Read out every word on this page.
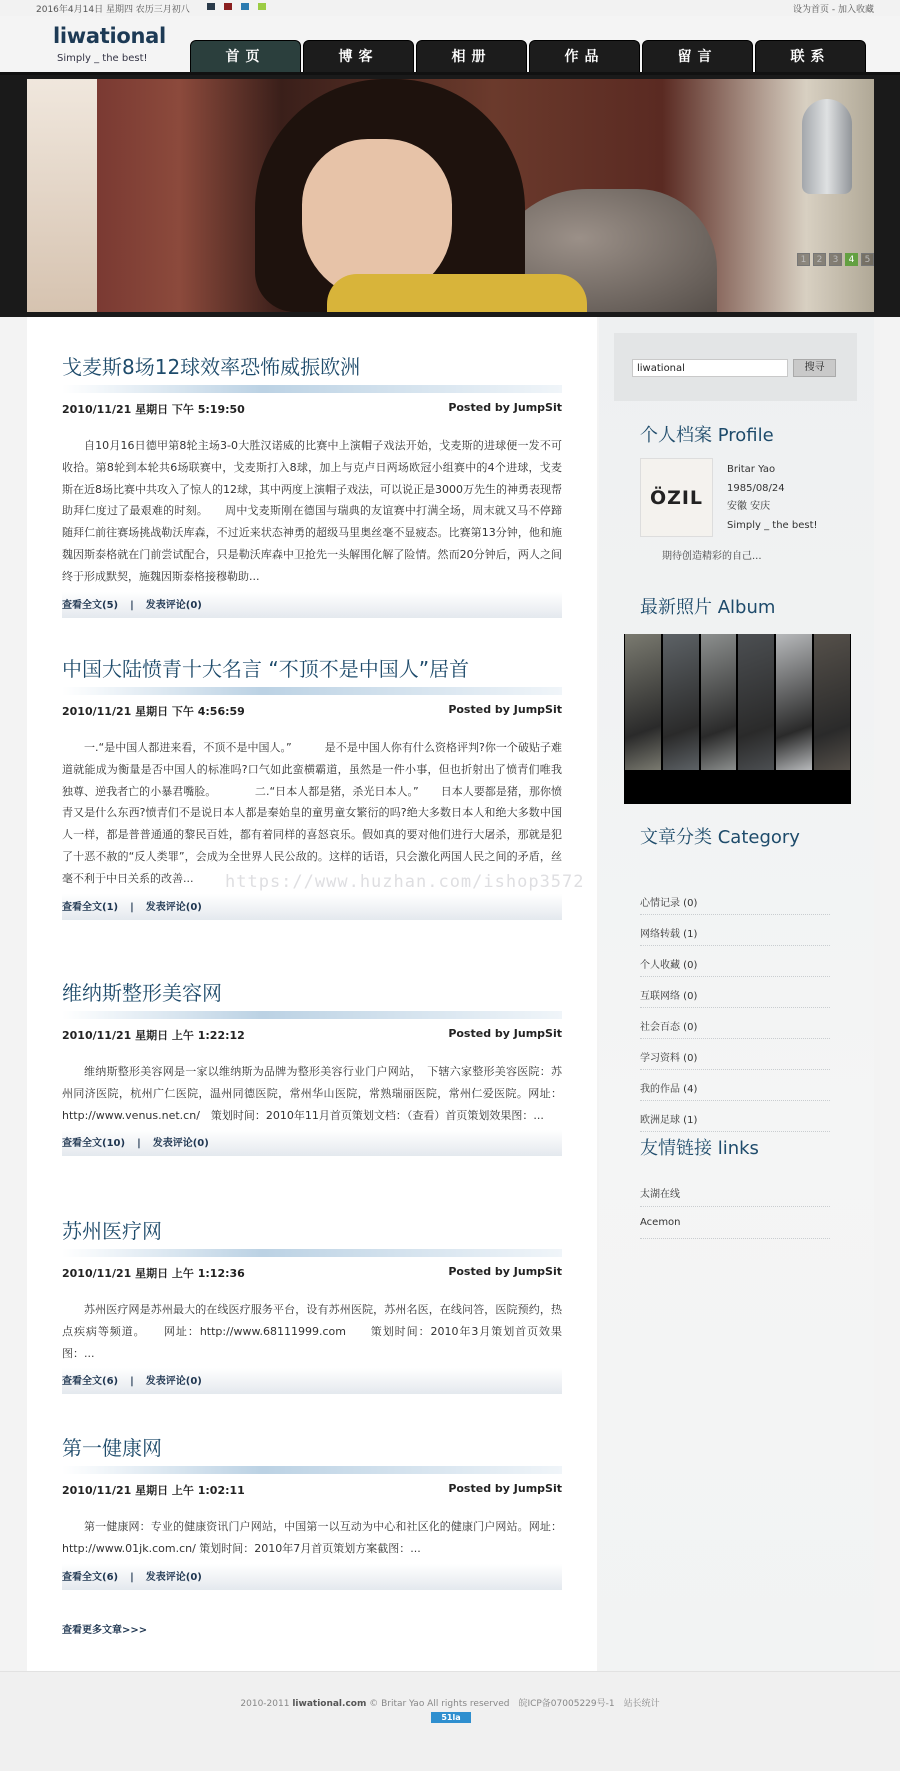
2016年4月14日 星期四 农历三月初八	设为首页 - 加入收藏
liwational
Simply _ the best!	首页	博客	相册	作品	留言	联系
1	2	3	4	5
戈麦斯8场12球效率恐怖威振欧洲
2010/11/21 星期日 下午 5:19:50	Posted by JumpSit
自10月16日德甲第8轮主场3-0大胜汉诺威的比赛中上演帽子戏法开始，戈麦斯的进球便一发不可收拾。第8轮到本轮共6场联赛中，戈麦斯打入8球，加上与克卢日两场欧冠小组赛中的4个进球，戈麦斯在近8场比赛中共攻入了惊人的12球，其中两度上演帽子戏法，可以说正是3000万先生的神勇表现帮助拜仁度过了最艰难的时刻。　　周中戈麦斯刚在德国与瑞典的友谊赛中打满全场，周末就又马不停蹄随拜仁前往赛场挑战勒沃库森，不过近来状态神勇的超级马里奥丝毫不显疲态。比赛第13分钟，他和施魏因斯泰格就在门前尝试配合，只是勒沃库森中卫抢先一头解围化解了险情。然而20分钟后，两人之间终于形成默契，施魏因斯泰格接穆勒助...
查看全文(5) | 发表评论(0)
中国大陆愤青十大名言 “不顶不是中国人”居首
2010/11/21 星期日 下午 4:56:59	Posted by JumpSit
一.“是中国人都进来看，不顶不是中国人。”　　　是不是中国人你有什么资格评判?你一个破贴子难道就能成为衡量是否中国人的标准吗?口气如此蛮横霸道，虽然是一件小事，但也折射出了愤青们唯我独尊、逆我者亡的小暴君嘴脸。　　　　二.“日本人都是猪，杀光日本人。”　　日本人要都是猪，那你愤青又是什么东西?愤青们不是说日本人都是秦始皇的童男童女繁衍的吗?绝大多数日本人和绝大多数中国人一样，都是普普通通的黎民百姓，都有着同样的喜怒哀乐。假如真的要对他们进行大屠杀，那就是犯了十恶不赦的“反人类罪”，会成为全世界人民公敌的。这样的话语，只会激化两国人民之间的矛盾，丝毫不利于中日关系的改善...
查看全文(1) | 发表评论(0)
维纳斯整形美容网
2010/11/21 星期日 上午 1:22:12	Posted by JumpSit
维纳斯整形美容网是一家以维纳斯为品牌为整形美容行业门户网站，　下辖六家整形美容医院：苏州同济医院，杭州广仁医院，温州同德医院，常州华山医院，常熟瑞丽医院，常州仁爱医院。网址：http://www.venus.net.cn/　策划时间：2010年11月首页策划文档：（查看）首页策划效果图：...
查看全文(10) | 发表评论(0)
苏州医疗网
2010/11/21 星期日 上午 1:12:36	Posted by JumpSit
苏州医疗网是苏州最大的在线医疗服务平台，设有苏州医院，苏州名医，在线问答，医院预约，热点疾病等频道。　　网址：http://www.68111999.com　　策划时间：2010年3月策划首页效果图：...
查看全文(6) | 发表评论(0)
第一健康网
2010/11/21 星期日 上午 1:02:11	Posted by JumpSit
第一健康网：专业的健康资讯门户网站，中国第一以互动为中心和社区化的健康门户网站。网址：http://www.01jk.com.cn/ 策划时间：2010年7月首页策划方案截图：...
查看全文(6) | 发表评论(0)
查看更多文章>>>
liwational
搜寻
个人档案 Profile
ÖZIL
Britar Yao
1985/08/24
安徽 安庆
Simply _ the best!
期待创造精彩的自己...
最新照片 Album
文章分类 Category
心情记录 (0)
网络转载 (1)
个人收藏 (0)
互联网络 (0)
社会百态 (0)
学习资料 (0)
我的作品 (4)
欧洲足球 (1)
友情链接 links
太湖在线
Acemon
2010-2011 liwational.com © Britar Yao All rights reserved　皖ICP备07005229号-1　站长统计
51la
https://www.huzhan.com/ishop3572
